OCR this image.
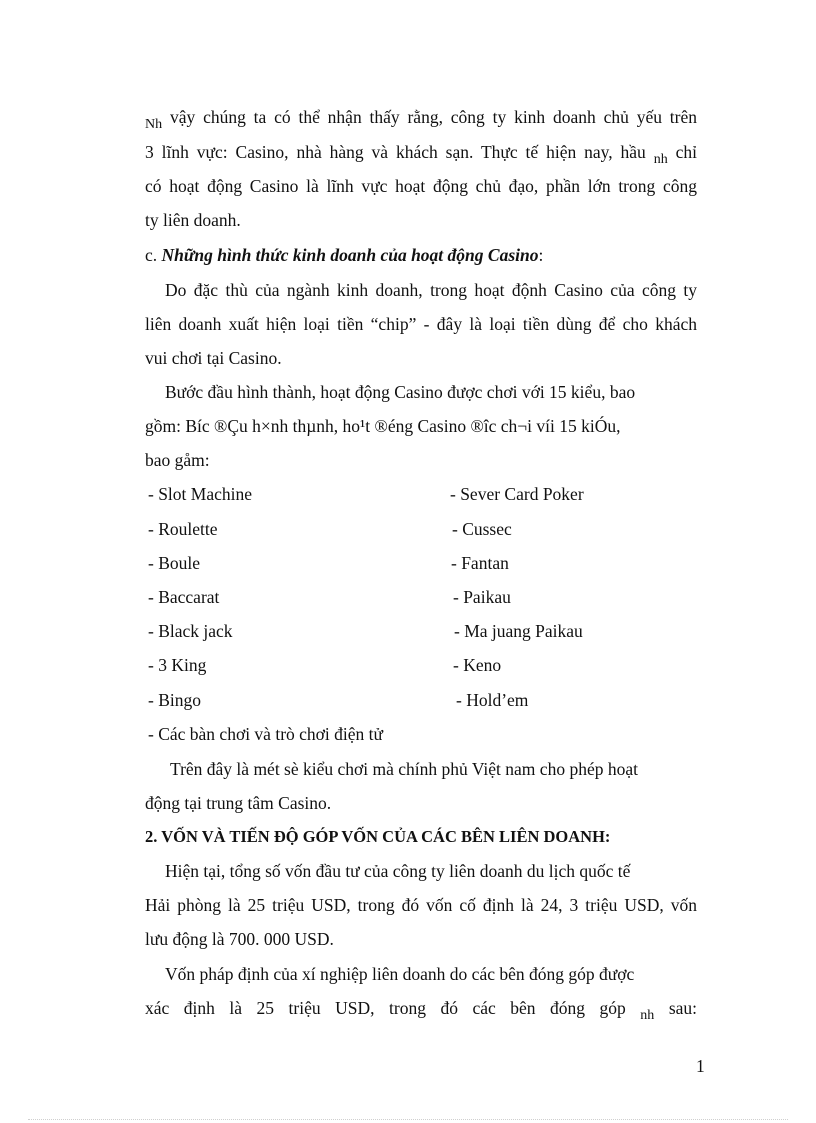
$_{Nh}$ vậy chúng ta có thể nhận thấy rằng, công ty kinh doanh chủ yếu trên
3 lĩnh vực: Casino, nhà hàng và khách sạn. Thực tế hiện nay, hầu $_{nh}$ chỉ
có hoạt động Casino là lĩnh vực hoạt động chủ đạo, phần lớn trong công
ty liên doanh.
c. Những hình thức kinh doanh của hoạt động Casino:
Do đặc thù của ngành kinh doanh, trong hoạt độnh Casino của công ty
liên doanh xuất hiện loại tiền “chip” - đây là loại tiền dùng để cho khách
vui chơi tại Casino.
Bước đầu hình thành, hoạt động Casino được chơi với 15 kiểu, bao
gồm: Bíc ®Çu h×nh thµnh, ho¹t ®éng Casino ®îc ch¬i víi 15 kiÓu,
bao gåm:
- Slot Machine
- Roulette
- Boule
- Baccarat
- Black jack
- 3 King
- Bingo
- Các bàn chơi và trò chơi điện tử
- Sever Card Poker
- Cussec
- Fantan
- Paikau
- Ma juang Paikau
- Keno
- Hold’em
Trên đây là mét sè kiểu chơi mà chính phủ Việt nam cho phép hoạt
động tại trung tâm Casino.
2. VỐN VÀ TIẾN ĐỘ GÓP VỐN CỦA CÁC BÊN LIÊN DOANH:
Hiện tại, tổng số vốn đầu tư của công ty liên doanh du lịch quốc tế
Hải phòng là 25 triệu USD, trong đó vốn cố định là 24, 3 triệu USD, vốn
lưu động là 700. 000 USD.
Vốn pháp định của xí nghiệp liên doanh do các bên đóng góp được
xác định là 25 triệu USD, trong đó các bên đóng góp $_{nh}$ sau:
1
